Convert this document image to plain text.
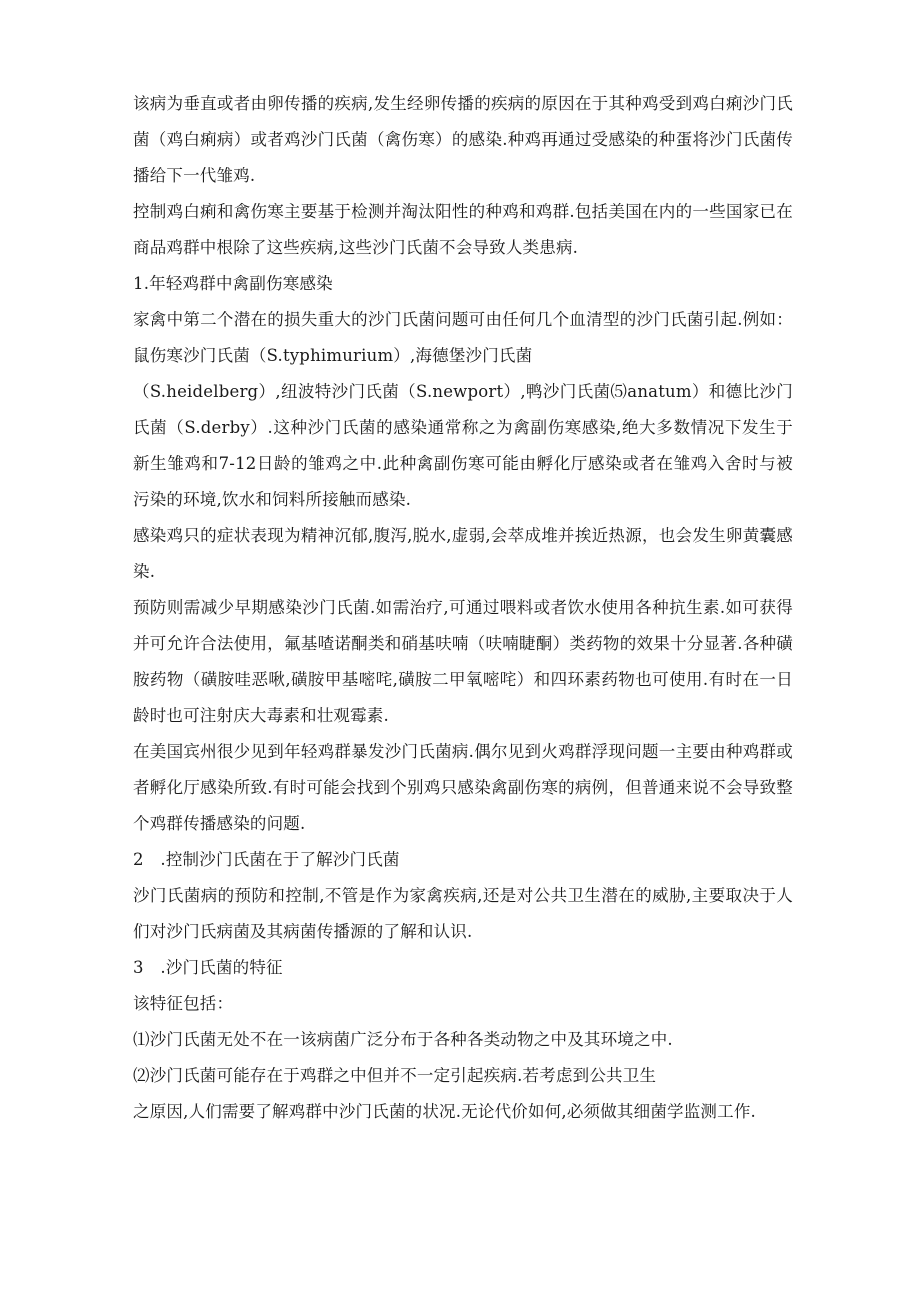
该病为垂直或者由卵传播的疾病,发生经卵传播的疾病的原因在于其种鸡受到鸡白痢沙门氏菌（鸡白痢病）或者鸡沙门氏菌（禽伤寒）的感染.种鸡再通过受感染的种蛋将沙门氏菌传播给下一代雏鸡.

控制鸡白痢和禽伤寒主要基于检测并淘汰阳性的种鸡和鸡群.包括美国在内的一些国家已在商品鸡群中根除了这些疾病,这些沙门氏菌不会导致人类患病.

1.年轻鸡群中禽副伤寒感染

家禽中第二个潜在的损失重大的沙门氏菌问题可由任何几个血清型的沙门氏菌引起.例如：鼠伤寒沙门氏菌（S.typhimurium）,海德堡沙门氏菌

（S.heidelberg）,纽波特沙门氏菌（S.newport）,鸭沙门氏菌⑸anatum）和德比沙门氏菌（S.derby）.这种沙门氏菌的感染通常称之为禽副伤寒感染,绝大多数情况下发生于新生雏鸡和7-12日龄的雏鸡之中.此种禽副伤寒可能由孵化厅感染或者在雏鸡入舍时与被污染的环境,饮水和饲料所接触而感染.

感染鸡只的症状表现为精神沉郁,腹泻,脱水,虚弱,会萃成堆并挨近热源，也会发生卵黄囊感染.

预防则需减少早期感染沙门氏菌.如需治疗,可通过喂料或者饮水使用各种抗生素.如可获得并可允许合法使用，氟基喳诺酮类和硝基呋喃（呋喃睫酮）类药物的效果十分显著.各种磺胺药物（磺胺哇恶啾,磺胺甲基嘧咤,磺胺二甲氧嘧咤）和四环素药物也可使用.有时在一日龄时也可注射庆大毒素和壮观霉素.

在美国宾州很少见到年轻鸡群暴发沙门氏菌病.偶尔见到火鸡群浮现问题一主要由种鸡群或者孵化厅感染所致.有时可能会找到个别鸡只感染禽副伤寒的病例，但普通来说不会导致整个鸡群传播感染的问题.

2　.控制沙门氏菌在于了解沙门氏菌

沙门氏菌病的预防和控制,不管是作为家禽疾病,还是对公共卫生潜在的威胁,主要取决于人们对沙门氏病菌及其病菌传播源的了解和认识.

3　.沙门氏菌的特征

该特征包括：

⑴沙门氏菌无处不在一该病菌广泛分布于各种各类动物之中及其环境之中.

⑵沙门氏菌可能存在于鸡群之中但并不一定引起疾病.若考虑到公共卫生

之原因,人们需要了解鸡群中沙门氏菌的状况.无论代价如何,必须做其细菌学监测工作.
